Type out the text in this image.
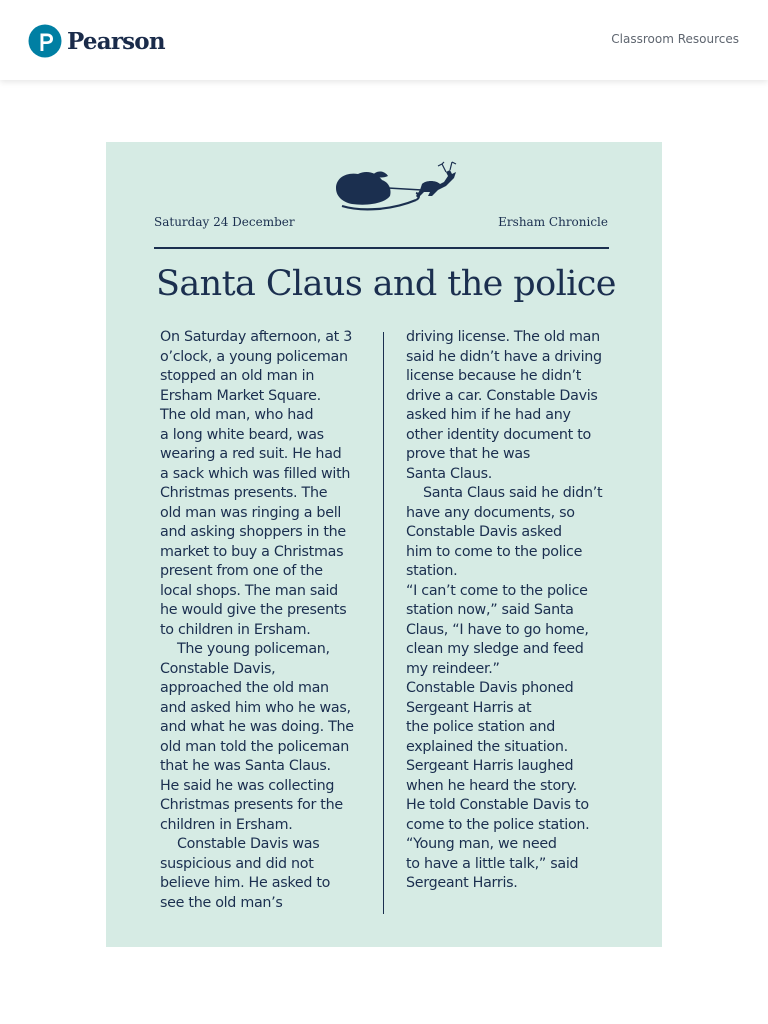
Pearson	Classroom Resources
Saturday 24 December	Ersham Chronicle
Santa Claus and the police
On Saturday afternoon, at 3
o’clock, a young policeman
stopped an old man in
Ersham Market Square.
The old man, who had
a long white beard, was
wearing a red suit. He had
a sack which was filled with
Christmas presents. The
old man was ringing a bell
and asking shoppers in the
market to buy a Christmas
present from one of the
local shops. The man said
he would give the presents
to children in Ersham.
The young policeman,
Constable Davis,
approached the old man
and asked him who he was,
and what he was doing. The
old man told the policeman
that he was Santa Claus.
He said he was collecting
Christmas presents for the
children in Ersham.
Constable Davis was
suspicious and did not
believe him. He asked to
see the old man’s
driving license. The old man
said he didn’t have a driving
license because he didn’t
drive a car. Constable Davis
asked him if he had any
other identity document to
prove that he was
Santa Claus.
Santa Claus said he didn’t
have any documents, so
Constable Davis asked
him to come to the police
station.
“I can’t come to the police
station now,” said Santa
Claus, “I have to go home,
clean my sledge and feed
my reindeer.”
Constable Davis phoned
Sergeant Harris at
the police station and
explained the situation.
Sergeant Harris laughed
when he heard the story.
He told Constable Davis to
come to the police station.
“Young man, we need
to have a little talk,” said
Sergeant Harris.
